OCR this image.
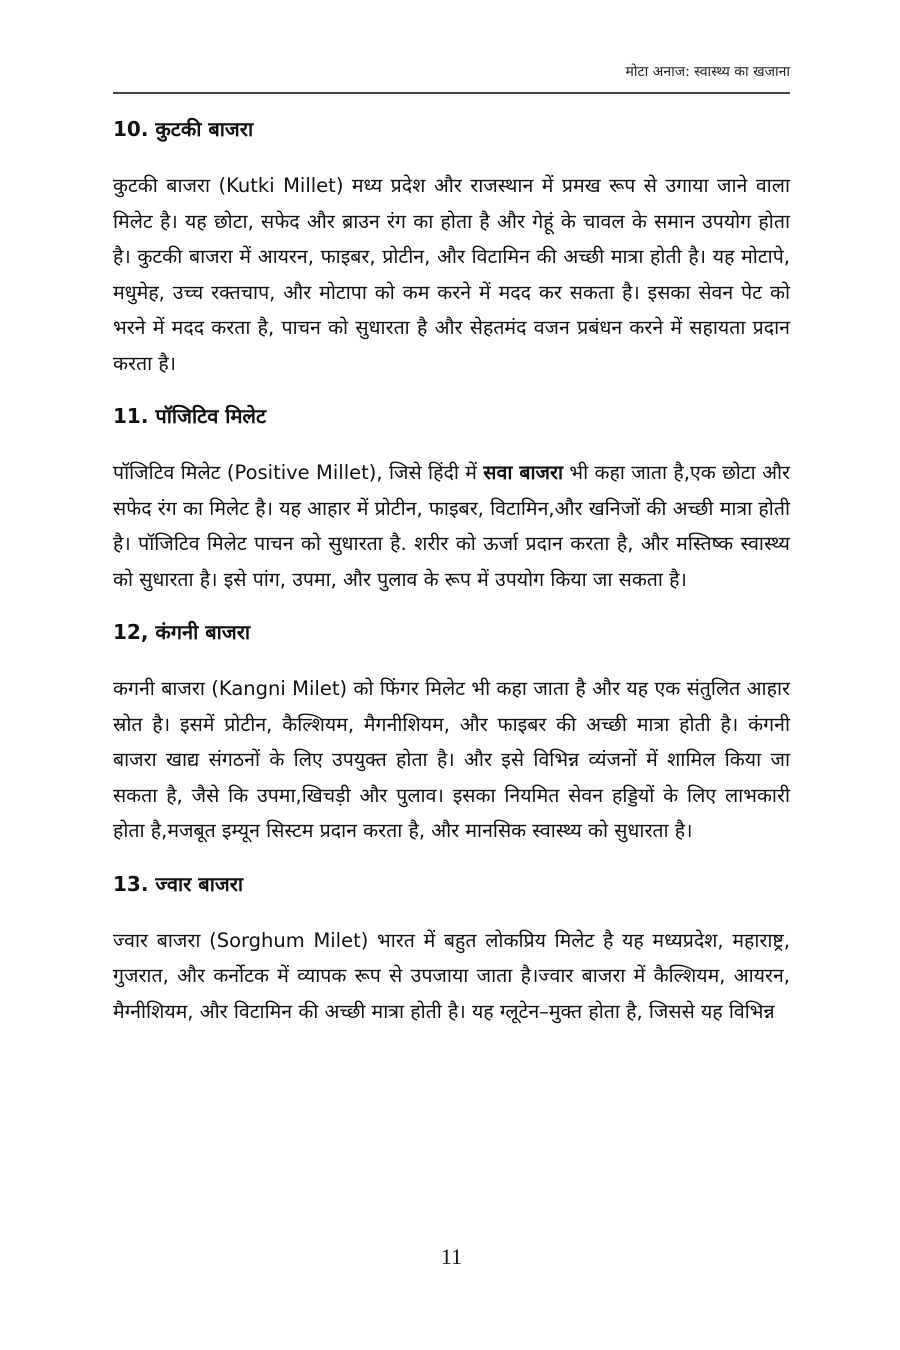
मोटा अनाज: स्वास्थ्य का खजाना
10. कुटकी बाजरा

कुटकी बाजरा (Kutki Millet) मध्य प्रदेश और राजस्थान में प्रमख रूप से उगाया जाने वाला मिलेट है। यह छोटा, सफेद और ब्राउन रंग का होता है और गेहूं के चावल के समान उपयोग होता है। कुटकी बाजरा में आयरन, फाइबर, प्रोटीन, और विटामिन की अच्छी मात्रा होती है। यह मोटापे, मधुमेह, उच्च रक्तचाप, और मोटापा को कम करने में मदद कर सकता है। इसका सेवन पेट को भरने में मदद करता है, पाचन को सुधारता है और सेहतमंद वजन प्रबंधन करने में सहायता प्रदान करता है।

11. पॉजिटिव मिलेट

पॉजिटिव मिलेट (Positive Millet), जिसे हिंदी में सवा बाजरा भी कहा जाता है,एक छोटा और सफेद रंग का मिलेट है। यह आहार में प्रोटीन, फाइबर, विटामिन,और खनिजों की अच्छी मात्रा होती है। पॉजिटिव मिलेट पाचन को सुधारता है. शरीर को ऊर्जा प्रदान करता है, और मस्तिष्क स्वास्थ्य को सुधारता है। इसे पांग, उपमा, और पुलाव के रूप में उपयोग किया जा सकता है।

12, कंगनी बाजरा

कगनी बाजरा (Kangni Milet) को फिंगर मिलेट भी कहा जाता है और यह एक संतुलित आहार स्रोत है। इसमें प्रोटीन, कैल्शियम, मैगनीशियम, और फाइबर की अच्छी मात्रा होती है। कंगनी बाजरा खाद्य संगठनों के लिए उपयुक्त होता है। और इसे विभिन्न व्यंजनों में शामिल किया जा सकता है, जैसे कि उपमा,खिचड़ी और पुलाव। इसका नियमित सेवन हड्डियों के लिए लाभकारी होता है,मजबूत इम्यून सिस्टम प्रदान करता है, और मानसिक स्वास्थ्य को सुधारता है।

13. ज्वार बाजरा

ज्वार बाजरा (Sorghum Milet) भारत में बहुत लोकप्रिय मिलेट है यह मध्यप्रदेश, महाराष्ट्र, गुजरात, और कर्नोटक में व्यापक रूप से उपजाया जाता है।ज्वार बाजरा में कैल्शियम, आयरन, मैग्नीशियम, और विटामिन की अच्छी मात्रा होती है। यह ग्लूटेन–मुक्त होता है, जिससे यह विभिन्न

11
